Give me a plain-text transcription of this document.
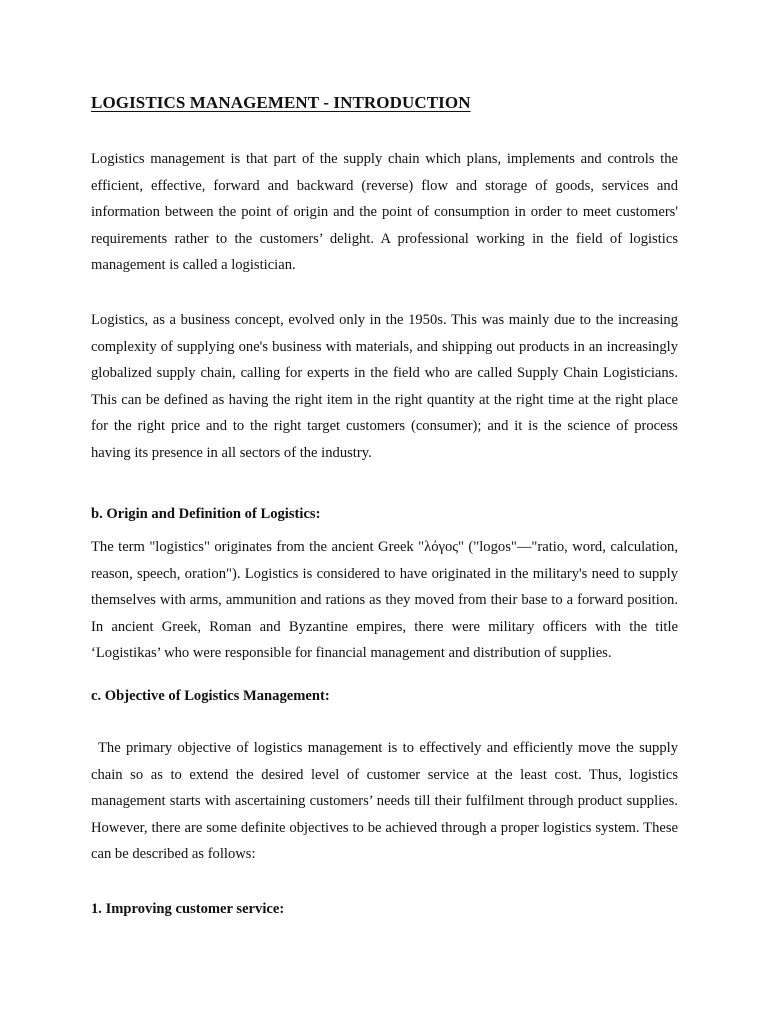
LOGISTICS MANAGEMENT - INTRODUCTION

Logistics management is that part of the supply chain which plans, implements and controls the efficient, effective, forward and backward (reverse) flow and storage of goods, services and information between the point of origin and the point of consumption in order to meet customers' requirements rather to the customers’ delight. A professional working in the field of logistics management is called a logistician.

Logistics, as a business concept, evolved only in the 1950s. This was mainly due to the increasing complexity of supplying one's business with materials, and shipping out products in an increasingly globalized supply chain, calling for experts in the field who are called Supply Chain Logisticians. This can be defined as having the right item in the right quantity at the right time at the right place for the right price and to the right target customers (consumer); and it is the science of process having its presence in all sectors of the industry.

b. Origin and Definition of Logistics:

The term "logistics" originates from the ancient Greek "λόγος" ("logos"—"ratio, word, calculation, reason, speech, oration"). Logistics is considered to have originated in the military's need to supply themselves with arms, ammunition and rations as they moved from their base to a forward position. In ancient Greek, Roman and Byzantine empires, there were military officers with the title ‘Logistikas’ who were responsible for financial management and distribution of supplies.

c. Objective of Logistics Management:

The primary objective of logistics management is to effectively and efficiently move the supply chain so as to extend the desired level of customer service at the least cost. Thus, logistics management starts with ascertaining customers’ needs till their fulfilment through product supplies. However, there are some definite objectives to be achieved through a proper logistics system. These can be described as follows:

1. Improving customer service:
